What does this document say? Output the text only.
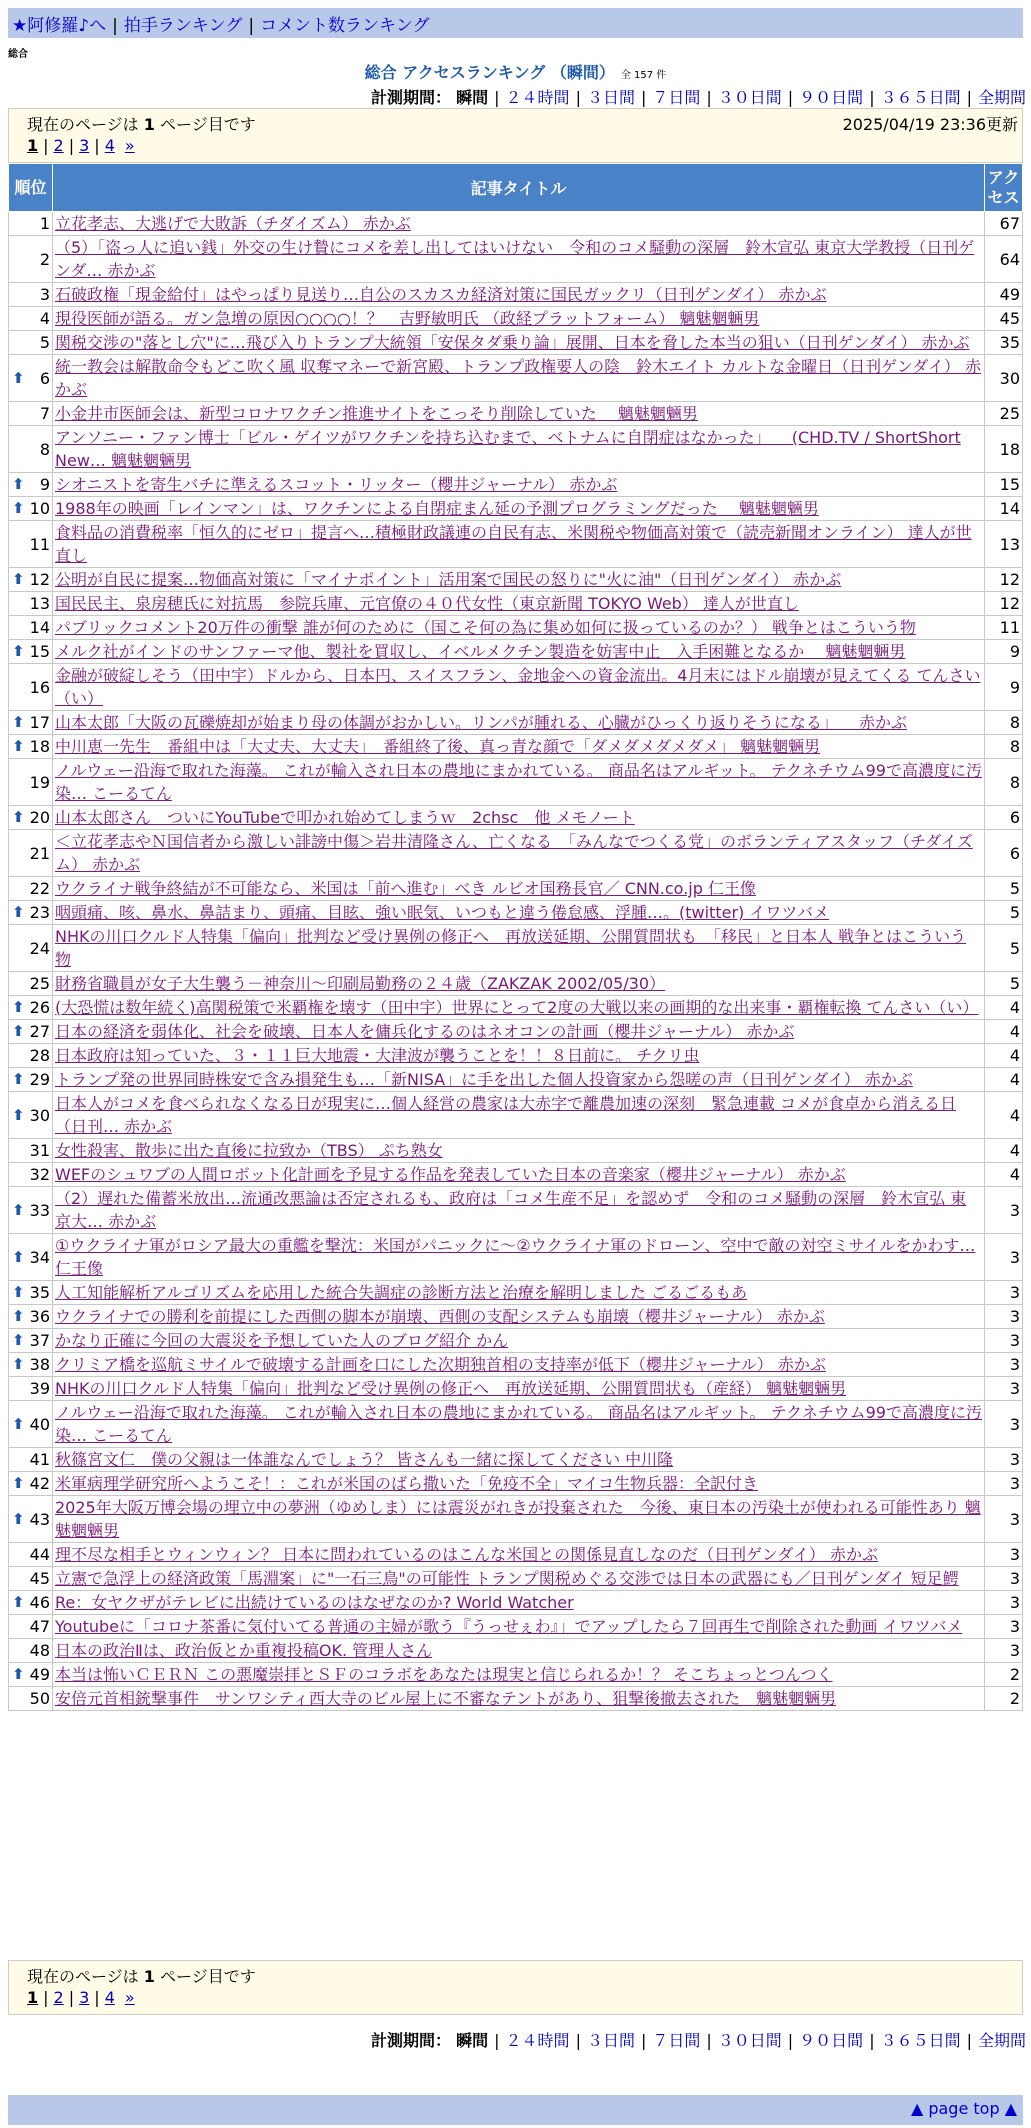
★阿修羅♪へ | 拍手ランキング | コメント数ランキング
総合
総合 アクセスランキング （瞬間） 全 157 件
計測期間： 瞬間 | ２４時間 | ３日間 | ７日間 | ３０日間 | ９０日間 | ３６５日間 | 全期間
現在のページは 1 ページ目です	2025/04/19 23:36更新
1 | 2 | 3 | 4 »
順位	記事タイトル	アクセス
1	立花孝志、大逃げで大敗訴（チダイズム） 赤かぶ	67
2	（5）「盗っ人に追い銭」外交の生け贄にコメを差し出してはいけない　令和のコメ騒動の深層　鈴木宣弘 東京大学教授（日刊ゲンダ… 赤かぶ	64
3	石破政権「現金給付」はやっぱり見送り…自公のスカスカ経済対策に国民ガックリ（日刊ゲンダイ） 赤かぶ	49
4	現役医師が語る。ガン急増の原因○○○○！？　吉野敏明氏 （政経プラットフォーム） 魑魅魍魎男	45
5	関税交渉の"落とし穴"に…飛び入りトランプ大統領「安保タダ乗り論」展開、日本を脅した本当の狙い（日刊ゲンダイ） 赤かぶ	35

⬆ 6	統一教会は解散命令もどこ吹く風 収奪マネーで新宮殿、トランプ政権要人の陰　鈴木エイト カルトな金曜日（日刊ゲンダイ） 赤かぶ	30
7	小金井市医師会は、新型コロナワクチン推進サイトをこっそり削除していた　 魑魅魍魎男	25
8	アンソニー・ファン博士「ビル・ゲイツがワクチンを持ち込むまで、ベトナムに自閉症はなかった」 　(CHD.TV / ShortShort New… 魑魅魍魎男	18

⬆ 9	シオニストを寄生バチに準えるスコット・リッター（櫻井ジャーナル） 赤かぶ	15

⬆ 10	1988年の映画「レインマン」は、ワクチンによる自閉症まん延の予測プログラミングだった　 魑魅魍魎男	14
11	食料品の消費税率「恒久的にゼロ」提言へ…積極財政議連の自民有志、米関税や物価高対策で（読売新聞オンライン） 達人が世直し	13

⬆ 12	公明が自民に提案…物価高対策に「マイナポイント」活用案で国民の怒りに"火に油"（日刊ゲンダイ） 赤かぶ	12
13	国民民主、泉房穂氏に対抗馬　参院兵庫、元官僚の４０代女性（東京新聞 TOKYO Web） 達人が世直し	12
14	パブリックコメント20万件の衝撃 誰が何のために（国こそ何の為に集め如何に扱っているのか？） 戦争とはこういう物	11

⬆ 15	メルク社がインドのサンファーマ他、製社を買収し、イベルメクチン製造を妨害中止　入手困難となるか　 魑魅魍魎男	9
16	金融が破綻しそう（田中宇）ドルから、日本円、スイスフラン、金地金への資金流出。4月末にはドル崩壊が見えてくる てんさい（い）	9

⬆ 17	山本太郎「大阪の瓦礫焼却が始まり母の体調がおかしい。リンパが腫れる、心臓がひっくり返りそうになる」 　赤かぶ	8

⬆ 18	中川恵一先生　番組中は「大丈夫、大丈夫」　番組終了後、真っ青な顔で「ダメダメダメダメ」 魑魅魍魎男	8
19	ノルウェー沿海で取れた海藻。 これが輸入され日本の農地にまかれている。 商品名はアルギット。 テクネチウム99で高濃度に汚染… こーるてん	8

⬆ 20	山本太郎さん　ついにYouTubeで叩かれ始めてしまうｗ　2chsc　他 メモノート	6
21	＜立花孝志やＮ国信者から激しい誹謗中傷＞岩井清隆さん、亡くなる　「みんなでつくる党」のボランティアスタッフ（チダイズム） 赤かぶ	6
22	ウクライナ戦争終結が不可能なら、米国は「前へ進む」べき ルビオ国務長官／ CNN.co.jp 仁王像	5

⬆ 23	咽頭痛、咳、鼻水、鼻詰まり、頭痛、目眩、強い眠気、いつもと違う倦怠感、浮腫…。(twitter) イワツバメ	5
24	NHKの川口クルド人特集「偏向」批判など受け異例の修正へ　再放送延期、公開質問状も　「移民」と日本人 戦争とはこういう物	5
25	財務省職員が女子大生襲う－神奈川～印刷局勤務の２４歳（ZAKZAK 2002/05/30）	5

⬆ 26	(大恐慌は数年続く)高関税策で米覇権を壊す（田中宇）世界にとって2度の大戦以来の画期的な出来事・覇権転換 てんさい（い）	4

⬆ 27	日本の経済を弱体化、社会を破壊、日本人を傭兵化するのはネオコンの計画（櫻井ジャーナル） 赤かぶ	4
28	日本政府は知っていた、３・１１巨大地震・大津波が襲うことを！！８日前に。 チクリ虫	4

⬆ 29	トランプ発の世界同時株安で含み損発生も…「新NISA」に手を出した個人投資家から怨嗟の声（日刊ゲンダイ） 赤かぶ	4

⬆ 30	日本人がコメを食べられなくなる日が現実に…個人経営の農家は大赤字で離農加速の深刻　緊急連載 コメが食卓から消える日（日刊… 赤かぶ	4
31	女性殺害、散歩に出た直後に拉致か（TBS） ぷち熟女	4
32	WEFのシュワブの人間ロボット化計画を予見する作品を発表していた日本の音楽家（櫻井ジャーナル） 赤かぶ	4

⬆ 33	（2）遅れた備蓄米放出…流通改悪論は否定されるも、政府は「コメ生産不足」を認めず　令和のコメ騒動の深層　鈴木宣弘 東京大… 赤かぶ	3

⬆ 34	①ウクライナ軍がロシア最大の重艦を撃沈：米国がパニックに～②ウクライナ軍のドローン、空中で敵の対空ミサイルをかわす… 仁王像	3

⬆ 35	人工知能解析アルゴリズムを応用した統合失調症の診断方法と治療を解明しました ごるごるもあ	3

⬆ 36	ウクライナでの勝利を前提にした西側の脚本が崩壊、西側の支配システムも崩壊（櫻井ジャーナル） 赤かぶ	3

⬆ 37	かなり正確に今回の大震災を予想していた人のブログ紹介 かん	3

⬆ 38	クリミア橋を巡航ミサイルで破壊する計画を口にした次期独首相の支持率が低下（櫻井ジャーナル） 赤かぶ	3
39	NHKの川口クルド人特集「偏向」批判など受け異例の修正へ　再放送延期、公開質問状も（産経） 魑魅魍魎男	3

⬆ 40	ノルウェー沿海で取れた海藻。 これが輸入され日本の農地にまかれている。 商品名はアルギット。 テクネチウム99で高濃度に汚染… こーるてん	3
41	秋篠宮文仁　僕の父親は一体誰なんでしょう？ 皆さんも一緒に探してください 中川隆	3

⬆ 42	米軍病理学研究所へようこそ！：これが米国のばら撒いた「免疫不全」マイコ生物兵器：全訳付き	3

⬆ 43	2025年大阪万博会場の埋立中の夢洲（ゆめしま）には震災がれきが投棄された　今後、東日本の汚染土が使われる可能性あり 魑魅魍魎男	3
44	理不尽な相手とウィンウィン？ 日本に問われているのはこんな米国との関係見直しなのだ（日刊ゲンダイ） 赤かぶ	3
45	立憲で急浮上の経済政策「馬淵案」に"一石三鳥"の可能性 トランプ関税めぐる交渉では日本の武器にも／日刊ゲンダイ 短足鰐	3

⬆ 46	Re：女ヤクザがテレビに出続けているのはなぜなのか? World Watcher	3
47	Youtubeに「コロナ茶番に気付いてる普通の主婦が歌う『うっせぇわ』」でアップしたら７回再生で削除された動画 イワツバメ	3
48	日本の政治Ⅱは、政治仮とか重複投稿OK. 管理人さん	3

⬆ 49	本当は怖いＣＥＲＮ この悪魔崇拝とＳＦのコラボをあなたは現実と信じられるか！？ そこちょっとつんつく	2
50	安倍元首相銃撃事件　サンワシティ西大寺のビル屋上に不審なテントがあり、狙撃後撤去された　魑魅魍魎男	2
現在のページは 1 ページ目です
1 | 2 | 3 | 4 »
計測期間： 瞬間 | ２４時間 | ３日間 | ７日間 | ３０日間 | ９０日間 | ３６５日間 | 全期間
▲ page top ▲
